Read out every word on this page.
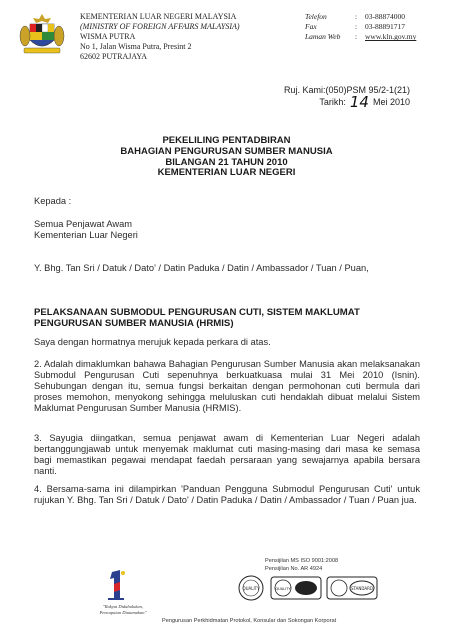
KEMENTERIAN LUAR NEGERI MALAYSIA
(MINISTRY OF FOREIGN AFFAIRS MALAYSIA)
WISMA PUTRA
No 1, Jalan Wisma Putra, Presint 2
62602 PUTRAJAYA
Telefon	:	03-88874000
Fax	:	03-88891717
Laman Web	:	www.kln.gov.my
Ruj. Kami:(050)PSM 95/2-1(21)
Tarikh: 14 Mei 2010
PEKELILING PENTADBIRAN
BAHAGIAN PENGURUSAN SUMBER MANUSIA
BILANGAN 21 TAHUN 2010
KEMENTERIAN LUAR NEGERI

Kepada :

Semua Penjawat Awam

Kementerian Luar Negeri

Y. Bhg. Tan Sri / Datuk / Dato' / Datin Paduka / Datin / Ambassador / Tuan / Puan,

PELAKSANAAN SUBMODUL PENGURUSAN CUTI, SISTEM MAKLUMAT PENGURUSAN SUMBER MANUSIA (HRMIS)

Saya dengan hormatnya merujuk kepada perkara di atas.

2. Adalah dimaklumkan bahawa Bahagian Pengurusan Sumber Manusia akan melaksanakan Submodul Pengurusan Cuti sepenuhnya berkuatkuasa mulai 31 Mei 2010 (Isnin). Sehubungan dengan itu, semua fungsi berkaitan dengan permohonan cuti bermula dari proses memohon, menyokong sehingga meluluskan cuti hendaklah dibuat melalui Sistem Maklumat Pengurusan Sumber Manusia (HRMIS).

3. Sayugia diingatkan, semua penjawat awam di Kementerian Luar Negeri adalah bertanggungjawab untuk menyemak maklumat cuti masing-masing dari masa ke semasa bagi memastikan pegawai mendapat faedah persaraan yang sewajarnya apabila bersara nanti.

4. Bersama-sama ini dilampirkan 'Panduan Pengguna Submodul Pengurusan Cuti' untuk rujukan Y. Bhg. Tan Sri / Datuk / Dato' / Datin Paduka / Datin / Ambassador / Tuan / Puan jua.

"Rakyat Didahulukan,
Pencapaian Diutamakan"
Pensijilan MS ISO 9001:2008
Pensijilan No. AR 4924
QUALITY	QUALITY	STANDARD
Pengurusan Perkhidmatan Protokol, Konsular dan Sokongan Korporat
